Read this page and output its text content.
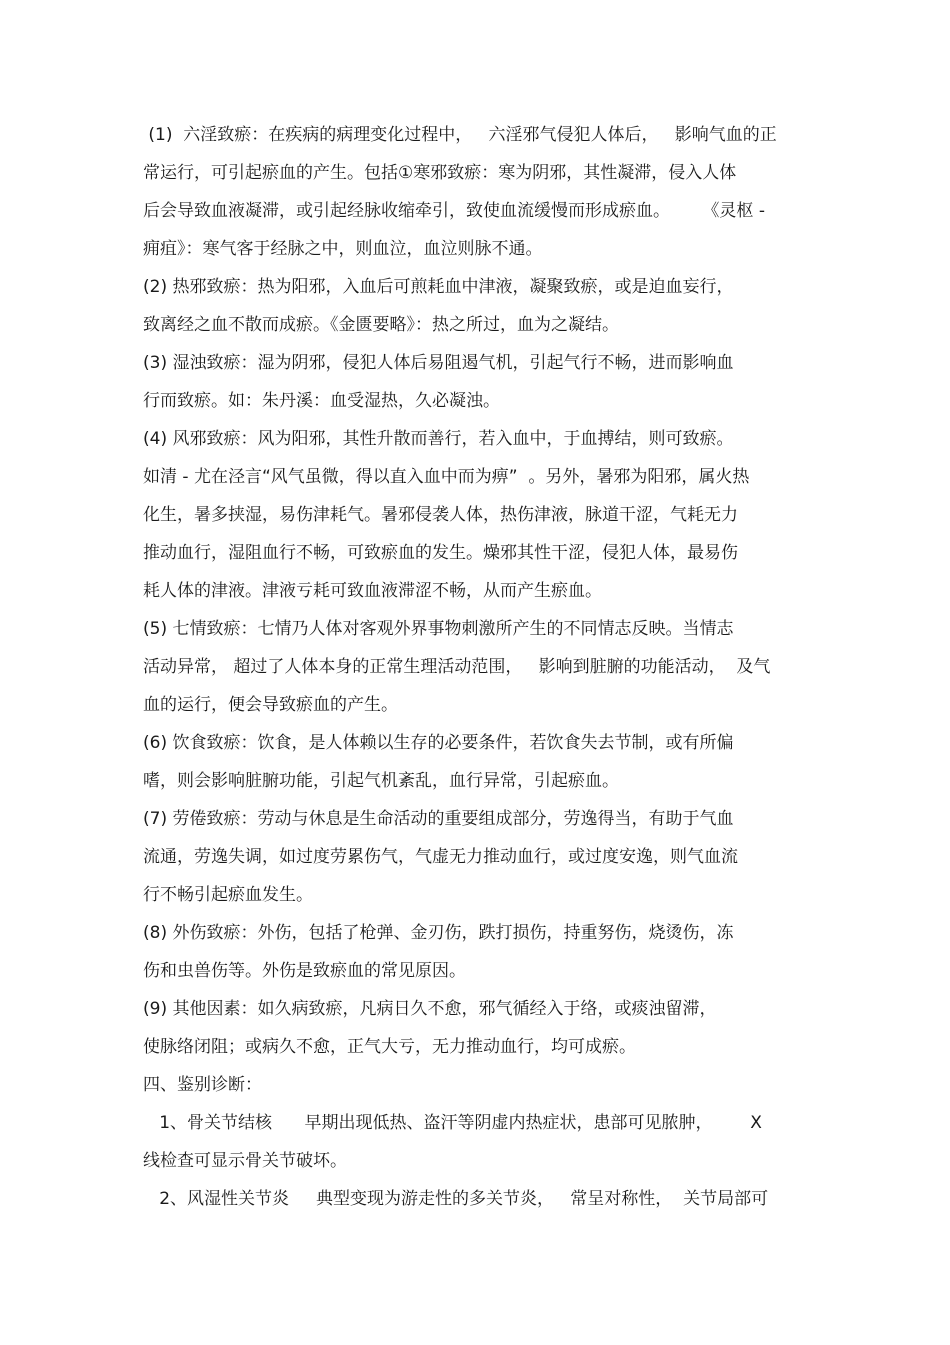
(1)  六淫致瘀：在疾病的病理变化过程中，   六淫邪气侵犯人体后，   影响气血的正
常运行，可引起瘀血的产生。包括①寒邪致瘀：寒为阴邪，其性凝滞，侵入人体
后会导致血液凝滞，或引起经脉收缩牵引，致使血流缓慢而形成瘀血。      《灵枢 -
痈疽》：寒气客于经脉之中，则血泣，血泣则脉不通。
(2) 热邪致瘀：热为阳邪，入血后可煎耗血中津液，凝聚致瘀，或是迫血妄行，
致离经之血不散而成瘀。《金匮要略》：热之所过，血为之凝结。
(3) 湿浊致瘀：湿为阴邪，侵犯人体后易阻遏气机，引起气行不畅，进而影响血
行而致瘀。如：朱丹溪：血受湿热，久必凝浊。
(4) 风邪致瘀：风为阳邪，其性升散而善行，若入血中，于血搏结，则可致瘀。
如清 - 尤在泾言“风气虽微，得以直入血中而为痹”  。另外，暑邪为阳邪，属火热
化生，暑多挟湿，易伤津耗气。暑邪侵袭人体，热伤津液，脉道干涩，气耗无力
推动血行，湿阻血行不畅，可致瘀血的发生。燥邪其性干涩，侵犯人体，最易伤
耗人体的津液。津液亏耗可致血液滞涩不畅，从而产生瘀血。
(5) 七情致瘀：七情乃人体对客观外界事物刺激所产生的不同情志反映。当情志
活动异常， 超过了人体本身的正常生理活动范围，   影响到脏腑的功能活动，  及气
血的运行，便会导致瘀血的产生。
(6) 饮食致瘀：饮食，是人体赖以生存的必要条件，若饮食失去节制，或有所偏
嗜，则会影响脏腑功能，引起气机紊乱，血行异常，引起瘀血。
(7) 劳倦致瘀：劳动与休息是生命活动的重要组成部分，劳逸得当，有助于气血
流通，劳逸失调，如过度劳累伤气，气虚无力推动血行，或过度安逸，则气血流
行不畅引起瘀血发生。
(8) 外伤致瘀：外伤，包括了枪弹、金刃伤，跌打损伤，持重努伤，烧烫伤，冻
伤和虫兽伤等。外伤是致瘀血的常见原因。
(9) 其他因素：如久病致瘀，凡病日久不愈，邪气循经入于络，或痰浊留滞，
使脉络闭阻；或病久不愈，正气大亏，无力推动血行，均可成瘀。
四、鉴别诊断：
1、骨关节结核      早期出现低热、盗汗等阴虚内热症状，患部可见脓肿，       X
线检查可显示骨关节破坏。
2、风湿性关节炎     典型变现为游走性的多关节炎，   常呈对称性，  关节局部可
